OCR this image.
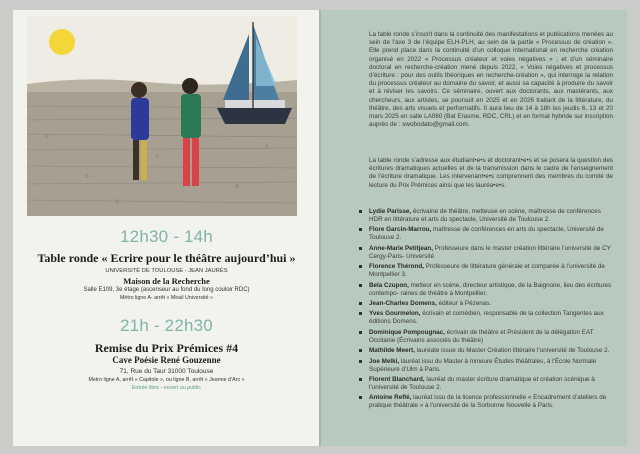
12h30 - 14h
Table ronde « Ecrire pour le théâtre aujourd’hui »
UNIVERSITÉ DE TOULOUSE - JEAN JAURÈS
Maison de la Recherche
Salle E109, 3e étage (ascenseur au fond du long couloir RDC)
Métro ligne A- arrêt « Mirail Université »
21h - 22h30
Remise du Prix Prémices #4
Cave Poésie René Gouzenne
71, Rue du Taur 31000 Toulouse
Metro ligne A, arrêt « Capitole », ou ligne B, arrêt « Jeanne d’Arc »
Entrée libre - ouvert au public

La table ronde s’inscrit dans la continuité des manifestations et publications menées au sein de l’axe 3 de l’équipe ELH-PLH, au sein de la partie « Processus de création ». Elle prend place dans la continuité d’un colloque international en recherche création organisé en 2022 « Processus créateur et voies négatives » ; et d’un séminaire doctoral en recherche-création mené depuis 2022, « Voies négatives et processus d’écriture : pour des outils théoriques en recherche-création », qui interroge la relation du processus créateur au domaine du savoir, et aussi sa capacité à produire du savoir et à réviser les savoirs. Ce séminaire, ouvert aux doctorants, aux mastérants, aux chercheurs, aux artistes, se poursuit en 2025 et en 2026 traitant de la littérature, du théâtre, des arts visuels et performatifs. Il aura lieu de 14 à 18h les jeudis 6, 13 et 20 mars 2025 en salle LA060 (Bat Erasme, RDC, CRL) et en format hybride sur inscription auprès de : swobodato@gmail.com.

La table ronde s’adresse aux étudiant•e•s et doctorant•e•s et se posera la question des écritures dramatiques actuelles et de la transmission dans le cadre de l’enseignement de l’écriture dramatique. Les intervenant•e•s comprennent des membres du comité de lecture du Prix Prémices ainsi que les lauréa•e•s.

Lydie Parisse, écrivaine de théâtre, metteuse en scène, maîtresse de conférences HDR en littérature et arts du spectacle, Université de Toulouse 2.
Flore Garcin-Marrou, maîtresse de conférences en arts du spectacle, Université de Toulouse 2.
Anne-Marie Petitjean, Professeure dans le master création littéraire l’université de CY Cergy-Paris- Université
Florence Thérond, Professeure de littérature générale et comparée à l’université de Montpellier 3.
Bela Czupon, metteur en scène, directeur artistique, de la Baignoire, lieu des écritures contempo- raines de théâtre à Montpellier.
Jean-Charles Domens, éditeur à Pézenas.
Yves Gourmelon, écrivain et comédien, responsable de la collection Tangentes aux éditions Domens.
Dominique Pompougnac, écrivain de théâtre et Président de la délégation EAT Occitanie (Écrivains associés du théâtre)
Mathilde Meert, lauréate issue du Master Création littéraire l’université de Toulouse 2.
Joe Melki, lauréat issu du Master à mineure Études théâtrales, à l’École Normale Supérieure d’Ulm à Paris.
Florent Blanchard, lauréat du master écriture dramatique et création scénique à l’université de Toulouse 2.
Antoine Reflé, lauréat issu de la licence professionnelle « Encadrement d’ateliers de pratique théâtrale » à l’université de la Sorbonne Nouvelle à Paris.
